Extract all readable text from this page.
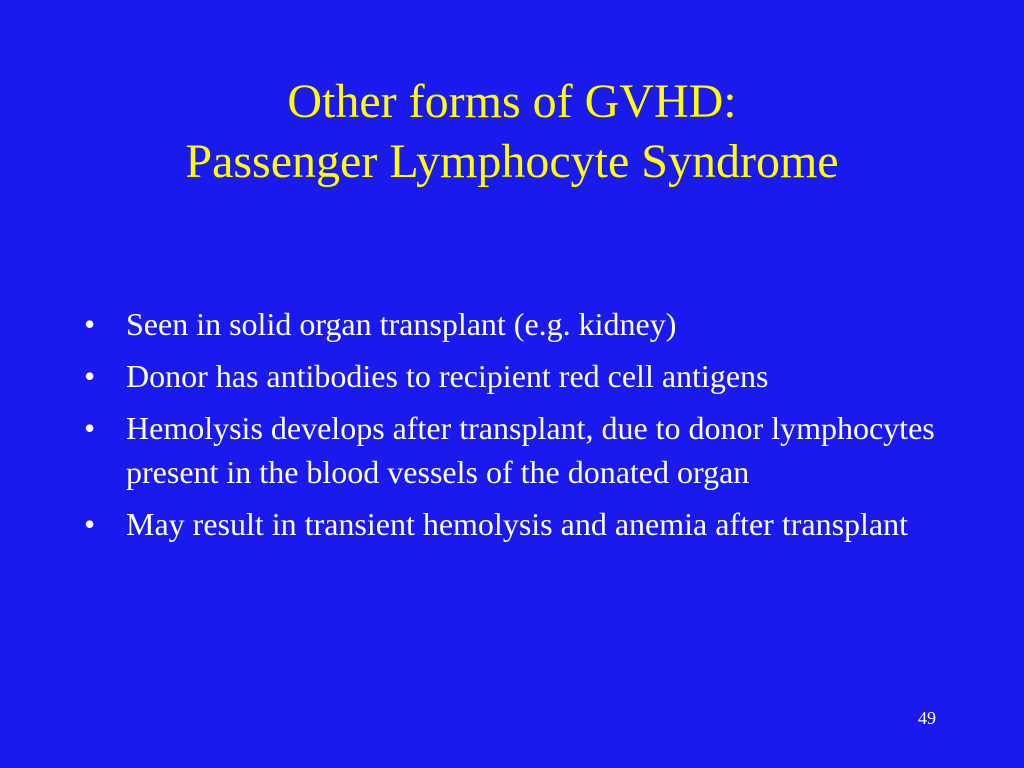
Other forms of GVHD:
Passenger Lymphocyte Syndrome
• Seen in solid organ transplant (e.g. kidney)
• Donor has antibodies to recipient red cell antigens
• Hemolysis develops after transplant, due to donor lymphocytes present in the blood vessels of the donated organ
• May result in transient hemolysis and anemia after transplant
49
